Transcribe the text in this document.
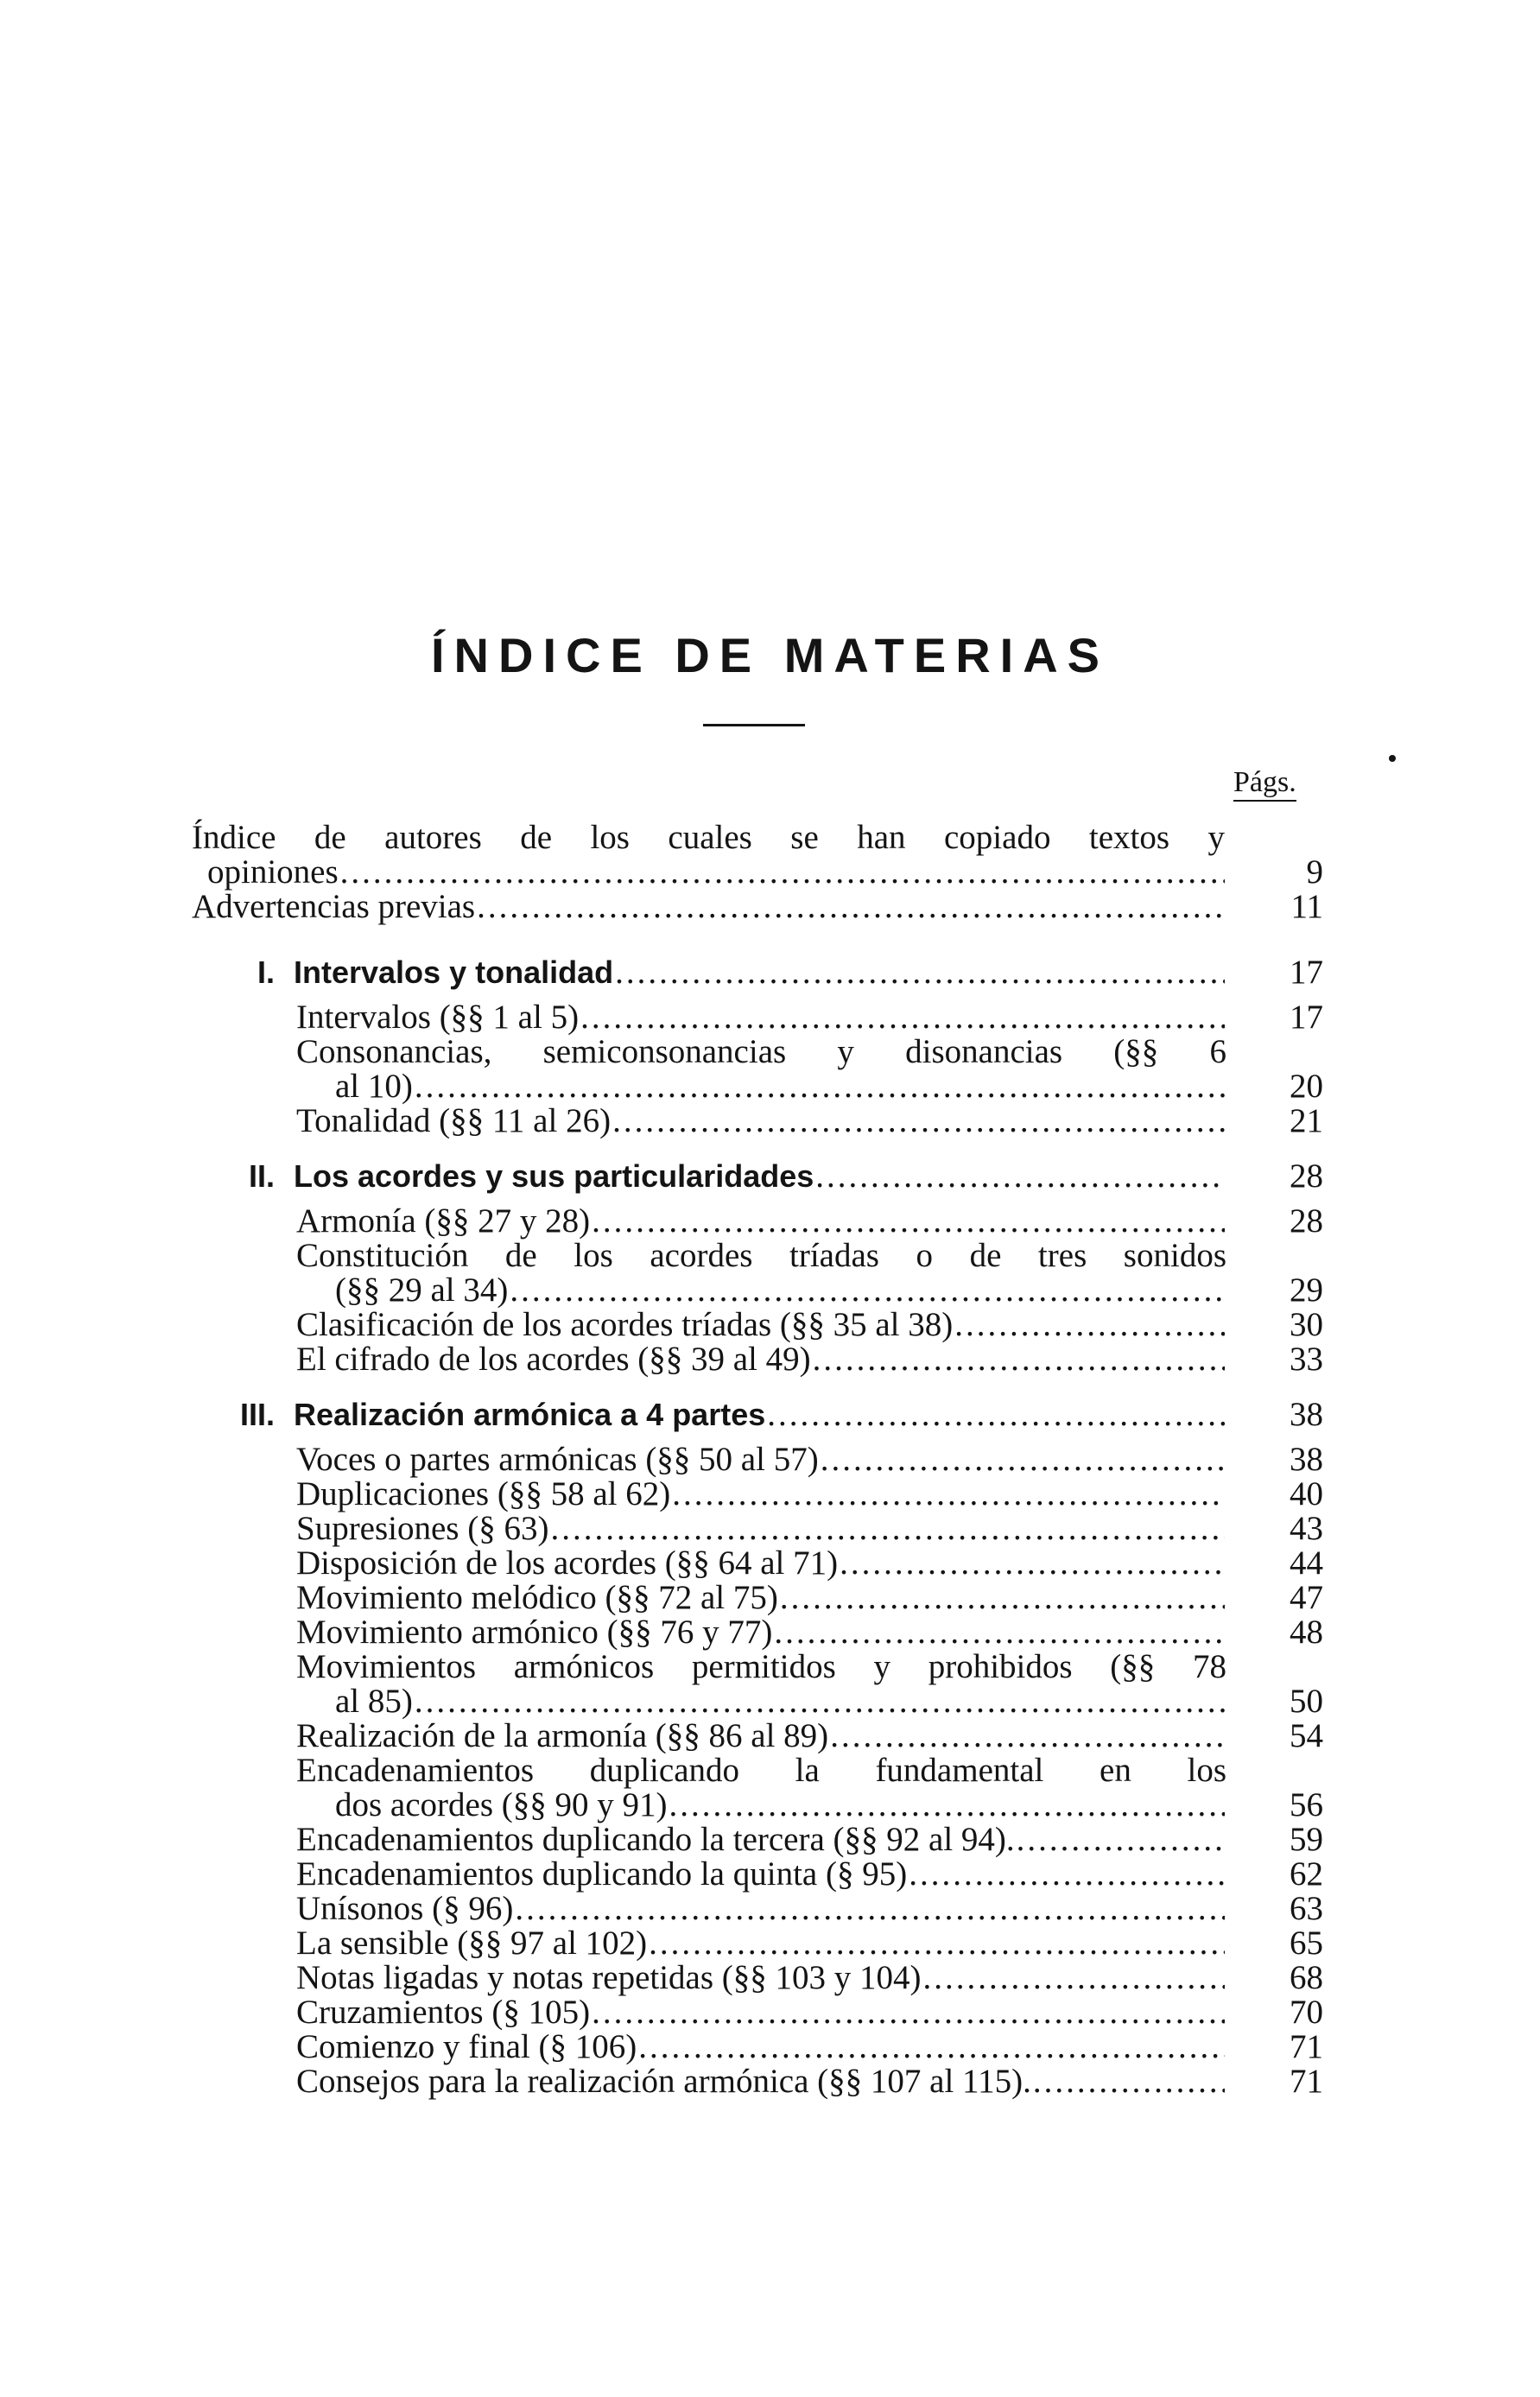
ÍNDICE DE MATERIAS
Págs.
Índice de autores de los cuales se han copiado textos y
opiniones .....	9
Advertencias previas .....	11
I. Intervalos y tonalidad .....	17
Intervalos (§§ 1 al 5) .....	17
Consonancias, semiconsonancias y disonancias (§§ 6
al 10) .....	20
Tonalidad (§§ 11 al 26) .....	21
II. Los acordes y sus particularidades .....	28
Armonía (§§ 27 y 28) .....	28
Constitución de los acordes tríadas o de tres sonidos
(§§ 29 al 34) .....	29
Clasificación de los acordes tríadas (§§ 35 al 38) .....	30
El cifrado de los acordes (§§ 39 al 49) .....	33
III. Realización armónica a 4 partes .....	38
Voces o partes armónicas (§§ 50 al 57) .....	38
Duplicaciones (§§ 58 al 62) .....	40
Supresiones (§ 63) .....	43
Disposición de los acordes (§§ 64 al 71) .....	44
Movimiento melódico (§§ 72 al 75) .....	47
Movimiento armónico (§§ 76 y 77) .....	48
Movimientos armónicos permitidos y prohibidos (§§ 78
al 85) .....	50
Realización de la armonía (§§ 86 al 89) .....	54
Encadenamientos duplicando la fundamental en los
dos acordes (§§ 90 y 91) .....	56
Encadenamientos duplicando la tercera (§§ 92 al 94). .....	59
Encadenamientos duplicando la quinta (§ 95) .....	62
Unísonos (§ 96) .....	63
La sensible (§§ 97 al 102) .....	65
Notas ligadas y notas repetidas (§§ 103 y 104) .....	68
Cruzamientos (§ 105) .....	70
Comienzo y final (§ 106) .....	71
Consejos para la realización armónica (§§ 107 al 115). .....	71
